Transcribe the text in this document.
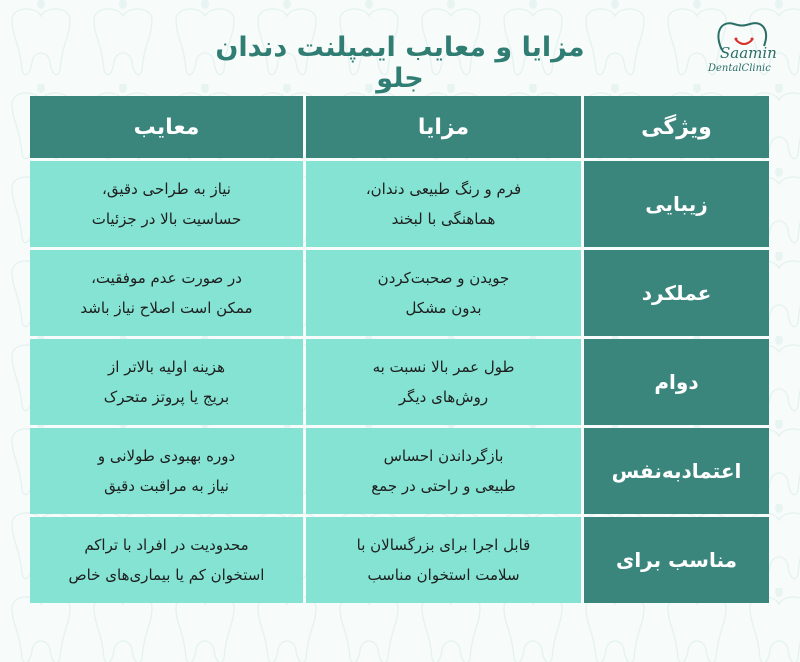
مزایا و معایب ایمپلنت دندان جلو
Saamin
DentalClinic
ویژگی
مزایا
معایب
زیبایی
فرم و رنگ طبیعی دندان،
هماهنگی با لبخند
نیاز به طراحی دقیق،
حساسیت بالا در جزئیات
عملکرد
جویدن و صحبت‌کردن
بدون مشکل
در صورت عدم موفقیت،
ممکن است اصلاح نیاز باشد
دوام
طول عمر بالا نسبت به
روش‌های دیگر
هزینه اولیه بالاتر از
بریج یا پروتز متحرک
اعتمادبه‌نفس
بازگرداندن احساس
طبیعی و راحتی در جمع
دوره بهبودی طولانی و
نیاز به مراقبت دقیق
مناسب برای
قابل اجرا برای بزرگسالان با
سلامت استخوان مناسب
محدودیت در افراد با تراکم
استخوان کم یا بیماری‌های خاص
